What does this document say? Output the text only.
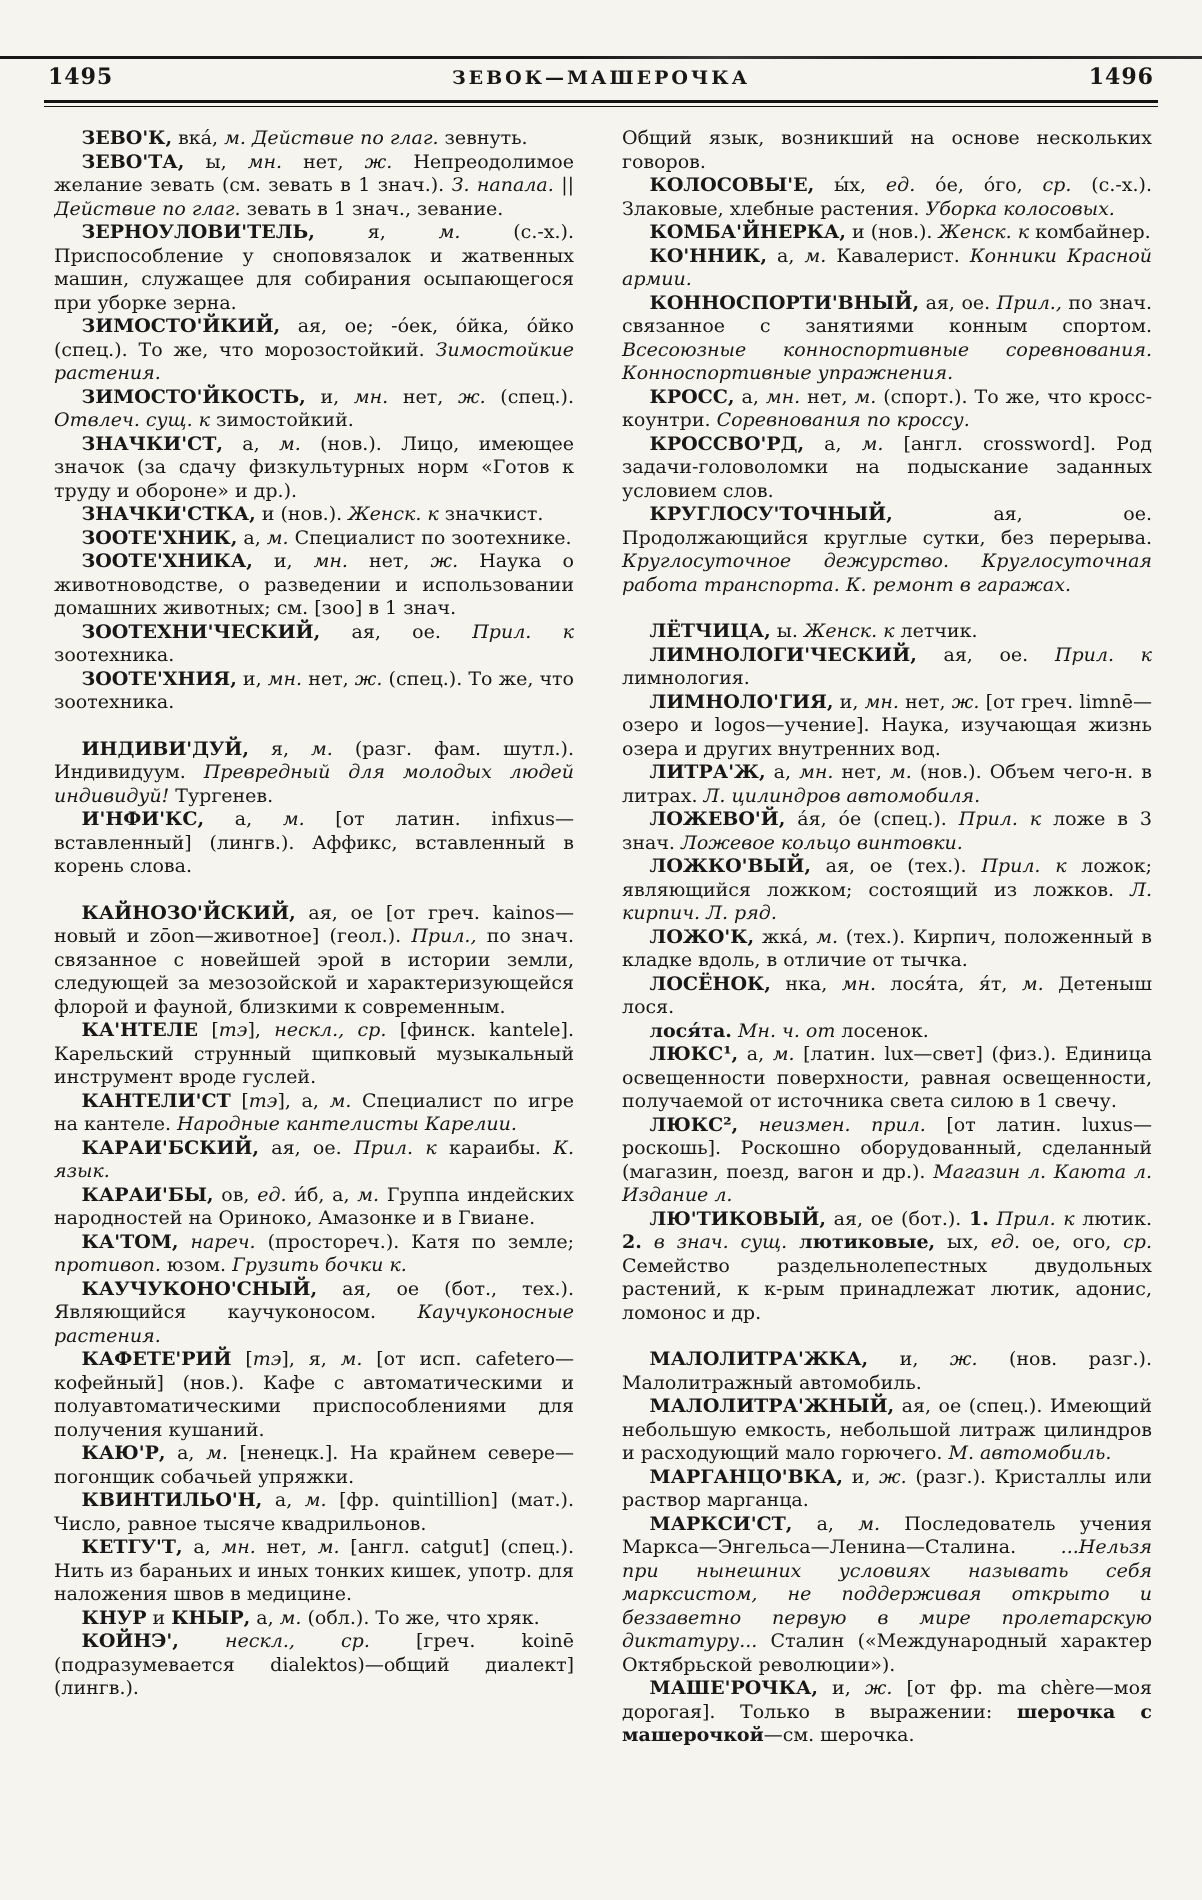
1495	ЗЕВОК—МАШЕРОЧКА	1496

ЗЕВО'К, вка́, м. Действие по глаг. зевнуть.

ЗЕВО'ТА, ы, мн. нет, ж. Непреодолимое желание зевать (см. зевать в 1 знач.). З. напала. || Действие по глаг. зевать в 1 знач., зевание.

ЗЕРНОУЛОВИ'ТЕЛЬ, я, м. (с.-х.). Приспособление у сноповязалок и жатвенных машин, служащее для собирания осыпающегося при уборке зерна.

ЗИМОСТО'ЙКИЙ, ая, ое; -о́ек, о́йка, о́йко (спец.). То же, что морозостойкий. Зимостойкие растения.

ЗИМОСТО'ЙКОСТЬ, и, мн. нет, ж. (спец.). Отвлеч. сущ. к зимостойкий.

ЗНАЧКИ'СТ, а, м. (нов.). Лицо, имеющее значок (за сдачу физкультурных норм «Готов к труду и обороне» и др.).

ЗНАЧКИ'СТКА, и (нов.). Женск. к значкист.

ЗООТЕ'ХНИК, а, м. Специалист по зоотехнике.

ЗООТЕ'ХНИКА, и, мн. нет, ж. Наука о животноводстве, о разведении и использовании домашних животных; см. [зоо] в 1 знач.

ЗООТЕХНИ'ЧЕСКИЙ, ая, ое. Прил. к зоотехника.

ЗООТЕ'ХНИЯ, и, мн. нет, ж. (спец.). То же, что зоотехника.

ИНДИВИ'ДУЙ, я, м. (разг. фам. шутл.). Индивидуум. Превредный для молодых людей индивидуй! Тургенев.

И'НФИ'КС, а, м. [от латин. infixus—вставленный] (лингв.). Аффикс, вставленный в корень слова.

КАЙНОЗО'ЙСКИЙ, ая, ое [от греч. kainos—новый и zōon—животное] (геол.). Прил., по знач. связанное с новейшей эрой в истории земли, следующей за мезозойской и характеризующейся флорой и фауной, близкими к современным.

КА'НТЕЛЕ [тэ], нескл., ср. [финск. kantele]. Карельский струнный щипковый музыкальный инструмент вроде гуслей.

КАНТЕЛИ'СТ [тэ], а, м. Специалист по игре на кантеле. Народные кантелисты Карелии.

КАРАИ'БСКИЙ, ая, ое. Прил. к караибы. К. язык.

КАРАИ'БЫ, ов, ед. и́б, а, м. Группа индейских народностей на Ориноко, Амазонке и в Гвиане.

КА'ТОМ, нареч. (простореч.). Катя по земле; противоп. юзом. Грузить бочки к.

КАУЧУКОНО'СНЫЙ, ая, ое (бот., тех.). Являющийся каучуконосом. Каучуконосные растения.

КАФЕТЕ'РИЙ [тэ], я, м. [от исп. cafetero—кофейный] (нов.). Кафе с автоматическими и полуавтоматическими приспособлениями для получения кушаний.

КАЮ'Р, а, м. [ненецк.]. На крайнем севере—погонщик собачьей упряжки.

КВИНТИЛЬО'Н, а, м. [фр. quintillion] (мат.). Число, равное тысяче квадрильонов.

КЕТГУ'Т, а, мн. нет, м. [англ. catgut] (спец.). Нить из бараньих и иных тонких кишек, употр. для наложения швов в медицине.

КНУР и КНЫР, а, м. (обл.). То же, что хряк.

КОЙНЭ', нескл., ср. [греч. koinē (подразумевается dialektos)—общий диалект] (лингв.).

Общий язык, возникший на основе нескольких говоров.

КОЛОСОВЫ'Е, ы́х, ед. о́е, о́го, ср. (с.-х.). Злаковые, хлебные растения. Уборка колосовых.

КОМБА'ЙНЕРКА, и (нов.). Женск. к комбайнер.

КО'ННИК, а, м. Кавалерист. Конники Красной армии.

КОННОСПОРТИ'ВНЫЙ, ая, ое. Прил., по знач. связанное с занятиями конным спортом. Всесоюзные конноспортивные соревнования. Конноспортивные упражнения.

КРОСС, а, мн. нет, м. (спорт.). То же, что кросс-коунтри. Соревнования по кроссу.

КРОССВО'РД, а, м. [англ. crossword]. Род задачи-головоломки на подыскание заданных условием слов.

КРУГЛОСУ'ТОЧНЫЙ, ая, ое. Продолжающийся круглые сутки, без перерыва. Круглосуточное дежурство. Круглосуточная работа транспорта. К. ремонт в гаражах.

ЛЁТЧИЦА, ы. Женск. к летчик.

ЛИМНОЛОГИ'ЧЕСКИЙ, ая, ое. Прил. к лимнология.

ЛИМНОЛО'ГИЯ, и, мн. нет, ж. [от греч. limnē—озеро и logos—учение]. Наука, изучающая жизнь озера и других внутренних вод.

ЛИТРА'Ж, а, мн. нет, м. (нов.). Объем чего-н. в литрах. Л. цилиндров автомобиля.

ЛОЖЕВО'Й, а́я, о́е (спец.). Прил. к ложе в 3 знач. Ложевое кольцо винтовки.

ЛОЖКО'ВЫЙ, ая, ое (тех.). Прил. к ложок; являющийся ложком; состоящий из ложков. Л. кирпич. Л. ряд.

ЛОЖО'К, жка́, м. (тех.). Кирпич, положенный в кладке вдоль, в отличие от тычка.

ЛОСЁНОК, нка, мн. лося́та, я́т, м. Детеныш лося.

лося́та. Мн. ч. от лосенок.

ЛЮКС¹, а, м. [латин. lux—свет] (физ.). Единица освещенности поверхности, равная освещенности, получаемой от источника света силою в 1 свечу.

ЛЮКС², неизмен. прил. [от латин. luxus—роскошь]. Роскошно оборудованный, сделанный (магазин, поезд, вагон и др.). Магазин л. Каюта л. Издание л.

ЛЮ'ТИКОВЫЙ, ая, ое (бот.). 1. Прил. к лютик. 2. в знач. сущ. лютиковые, ых, ед. ое, ого, ср. Семейство раздельнолепестных двудольных растений, к к-рым принадлежат лютик, адонис, ломонос и др.

МАЛОЛИТРА'ЖКА, и, ж. (нов. разг.). Малолитражный автомобиль.

МАЛОЛИТРА'ЖНЫЙ, ая, ое (спец.). Имеющий небольшую емкость, небольшой литраж цилиндров и расходующий мало горючего. М. автомобиль.

МАРГАНЦО'ВКА, и, ж. (разг.). Кристаллы или раствор марганца.

МАРКСИ'СТ, а, м. Последователь учения Маркса—Энгельса—Ленина—Сталина. ...Нельзя при нынешних условиях называть себя марксистом, не поддерживая открыто и беззаветно первую в мире пролетарскую диктатуру... Сталин («Международный характер Октябрьской революции»).

МАШЕ'РОЧКА, и, ж. [от фр. ma chère—моя дорогая]. Только в выражении: шерочка с машерочкой—см. шерочка.
